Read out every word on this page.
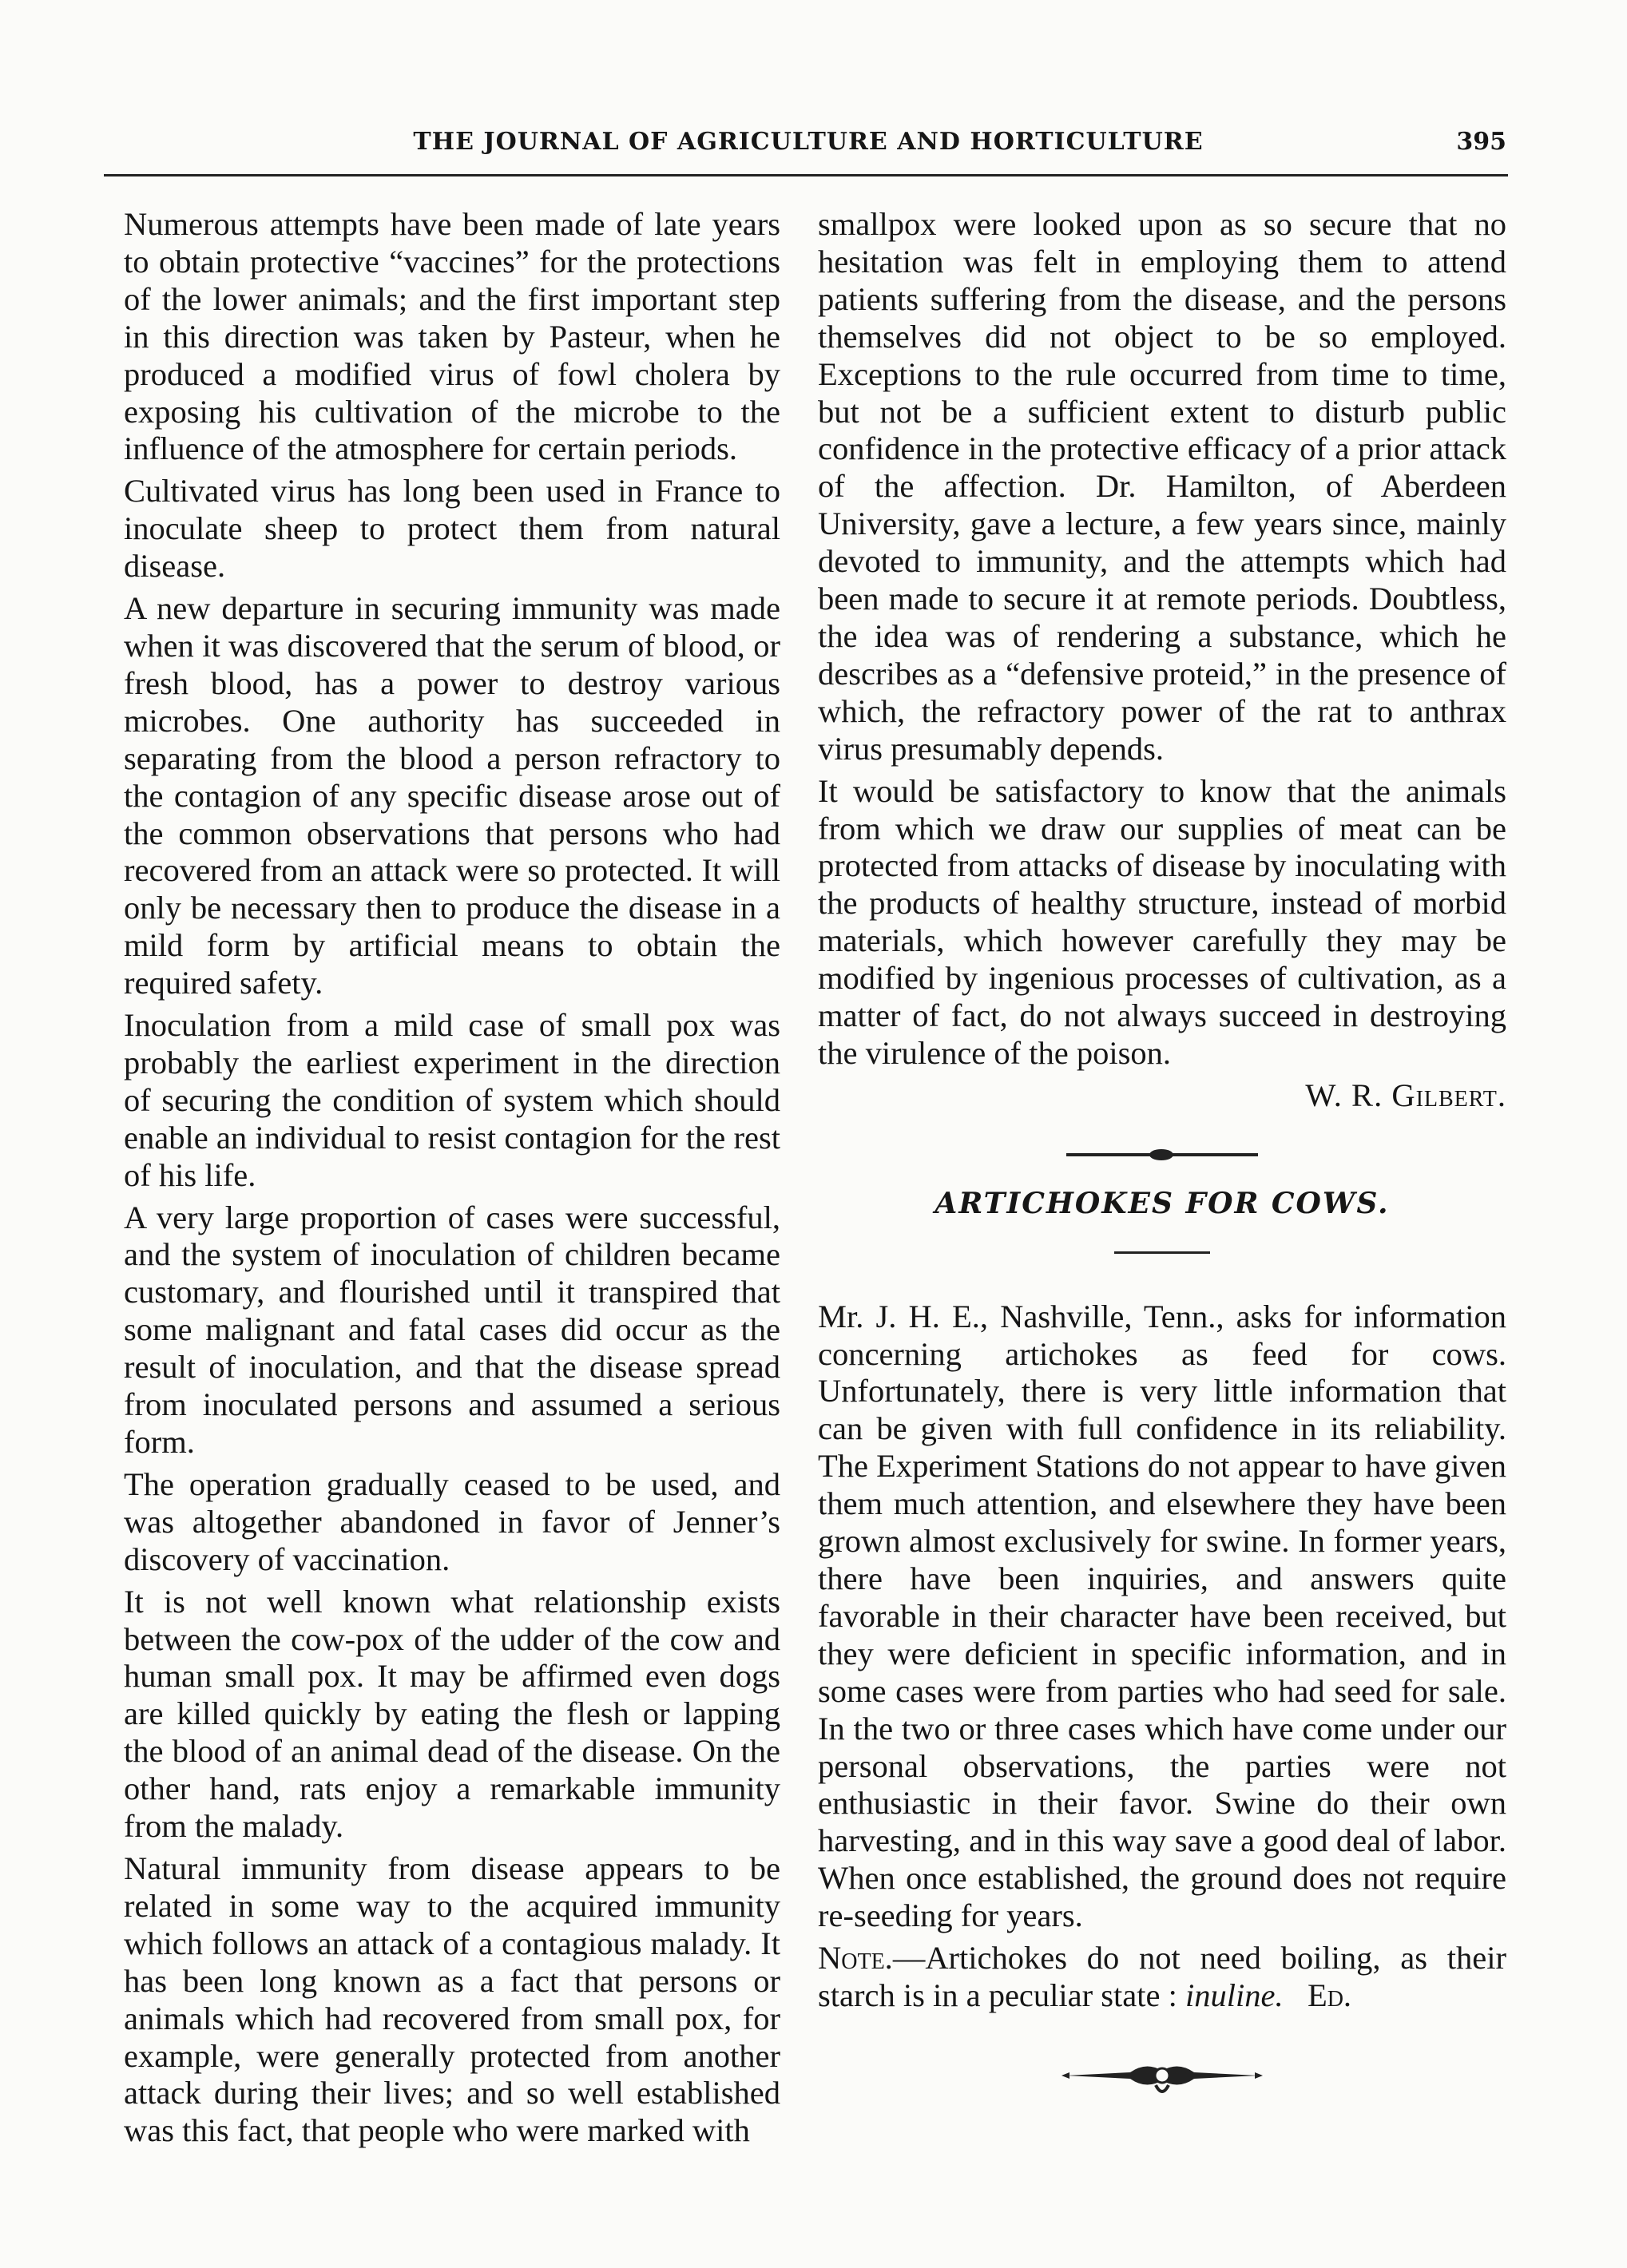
THE JOURNAL OF AGRICULTURE AND HORTICULTURE	395

Numerous attempts have been made of late years to obtain protective “vaccines” for the protections of the lower animals; and the first important step in this direction was taken by Pasteur, when he produced a modified virus of fowl cholera by exposing his cultivation of the microbe to the influence of the atmosphere for certain periods.

Cultivated virus has long been used in France to inoculate sheep to protect them from natural disease.

A new departure in securing immunity was made when it was discovered that the serum of blood, or fresh blood, has a power to destroy various microbes. One authority has succeeded in separating from the blood a person refractory to the contagion of any specific disease arose out of the common observations that persons who had recovered from an attack were so protected. It will only be necessary then to produce the disease in a mild form by artificial means to obtain the required safety.

Inoculation from a mild case of small pox was probably the earliest experiment in the direction of securing the condition of system which should enable an individual to resist contagion for the rest of his life.

A very large proportion of cases were successful, and the system of inoculation of children became customary, and flourished until it transpired that some malignant and fatal cases did occur as the result of inoculation, and that the disease spread from inoculated persons and assumed a serious form.

The operation gradually ceased to be used, and was altogether abandoned in favor of Jenner’s discovery of vaccination.

It is not well known what relationship exists between the cow-pox of the udder of the cow and human small pox. It may be affirmed even dogs are killed quickly by eating the flesh or lapping the blood of an animal dead of the disease. On the other hand, rats enjoy a remarkable immunity from the malady.

Natural immunity from disease appears to be related in some way to the acquired immunity which follows an attack of a contagious malady. It has been long known as a fact that persons or animals which had recovered from small pox, for example, were generally protected from another attack during their lives; and so well established was this fact, that people who were marked with

smallpox were looked upon as so secure that no hesitation was felt in employing them to attend patients suffering from the disease, and the persons themselves did not object to be so employed. Exceptions to the rule occurred from time to time, but not be a sufficient extent to disturb public confidence in the protective efficacy of a prior attack of the affection. Dr. Hamilton, of Aberdeen University, gave a lecture, a few years since, mainly devoted to immunity, and the attempts which had been made to secure it at remote periods. Doubtless, the idea was of rendering a substance, which he describes as a “defensive proteid,” in the presence of which, the refractory power of the rat to anthrax virus presumably depends.

It would be satisfactory to know that the animals from which we draw our supplies of meat can be protected from attacks of disease by inoculating with the products of healthy structure, instead of morbid materials, which however carefully they may be modified by ingenious processes of cultivation, as a matter of fact, do not always succeed in destroying the virulence of the poison.

W. R. Gilbert.

ARTICHOKES FOR COWS.

Mr. J. H. E., Nashville, Tenn., asks for information concerning artichokes as feed for cows. Unfortunately, there is very little information that can be given with full confidence in its reliability. The Experiment Stations do not appear to have given them much attention, and elsewhere they have been grown almost exclusively for swine. In former years, there have been inquiries, and answers quite favorable in their character have been received, but they were deficient in specific information, and in some cases were from parties who had seed for sale. In the two or three cases which have come under our personal observations, the parties were not enthusiastic in their favor. Swine do their own harvesting, and in this way save a good deal of labor. When once established, the ground does not require re-seeding for years.

Note.—Artichokes do not need boiling, as their starch is in a peculiar state : inuline. Ed.
